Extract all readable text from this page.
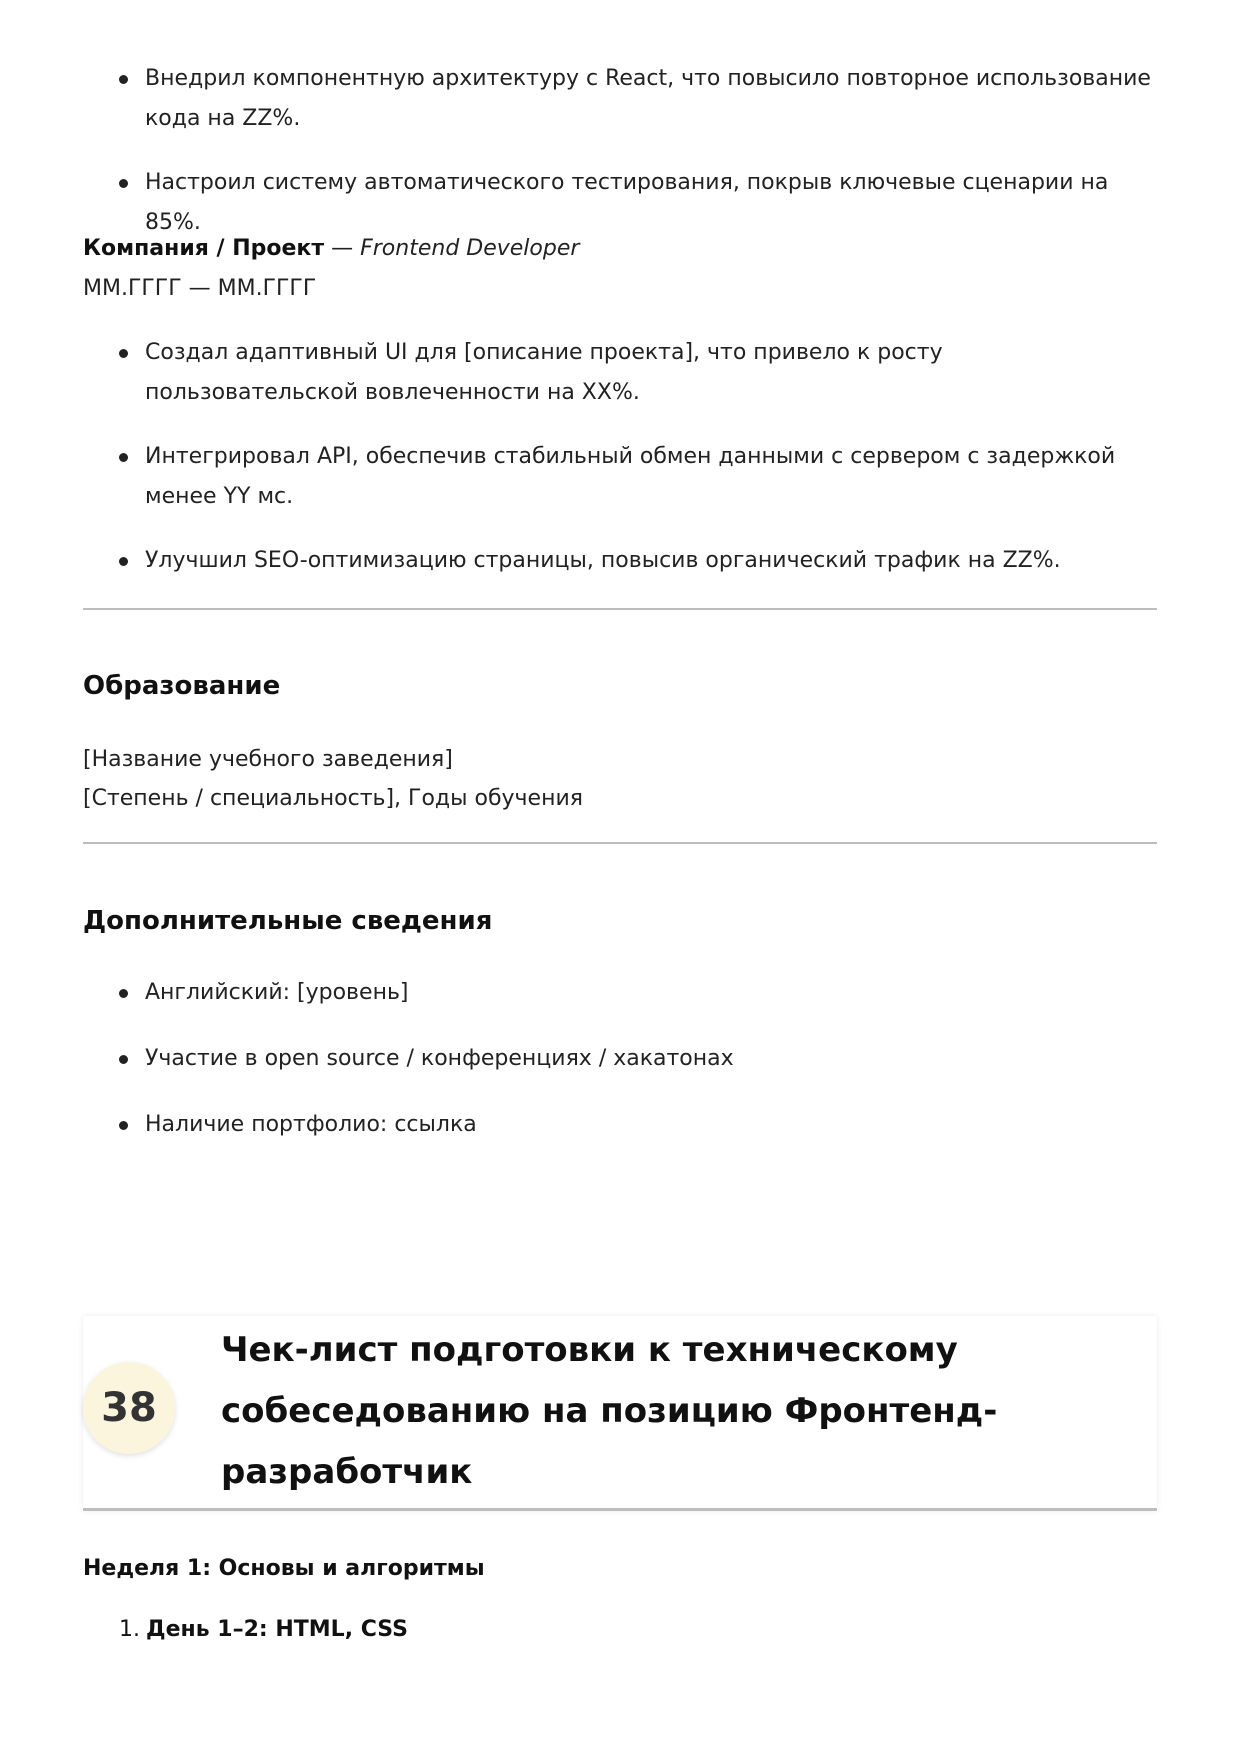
Внедрил компонентную архитектуру с React, что повысило повторное использование кода на ZZ%.
Настроил систему автоматического тестирования, покрыв ключевые сценарии на 85%.
Компания / Проект — Frontend Developer
ММ.ГГГГ — ММ.ГГГГ
Создал адаптивный UI для [описание проекта], что привело к росту пользовательской вовлеченности на XX%.
Интегрировал API, обеспечив стабильный обмен данными с сервером с задержкой менее YY мс.
Улучшил SEO-оптимизацию страницы, повысив органический трафик на ZZ%.
Образование
[Название учебного заведения]
[Степень / специальность], Годы обучения
Дополнительные сведения
Английский: [уровень]
Участие в open source / конференциях / хакатонах
Наличие портфолио: ссылка
38
Чек-лист подготовки к техническому собеседованию на позицию Фронтенд-разработчик
Неделя 1: Основы и алгоритмы
1. День 1–2: HTML, CSS
